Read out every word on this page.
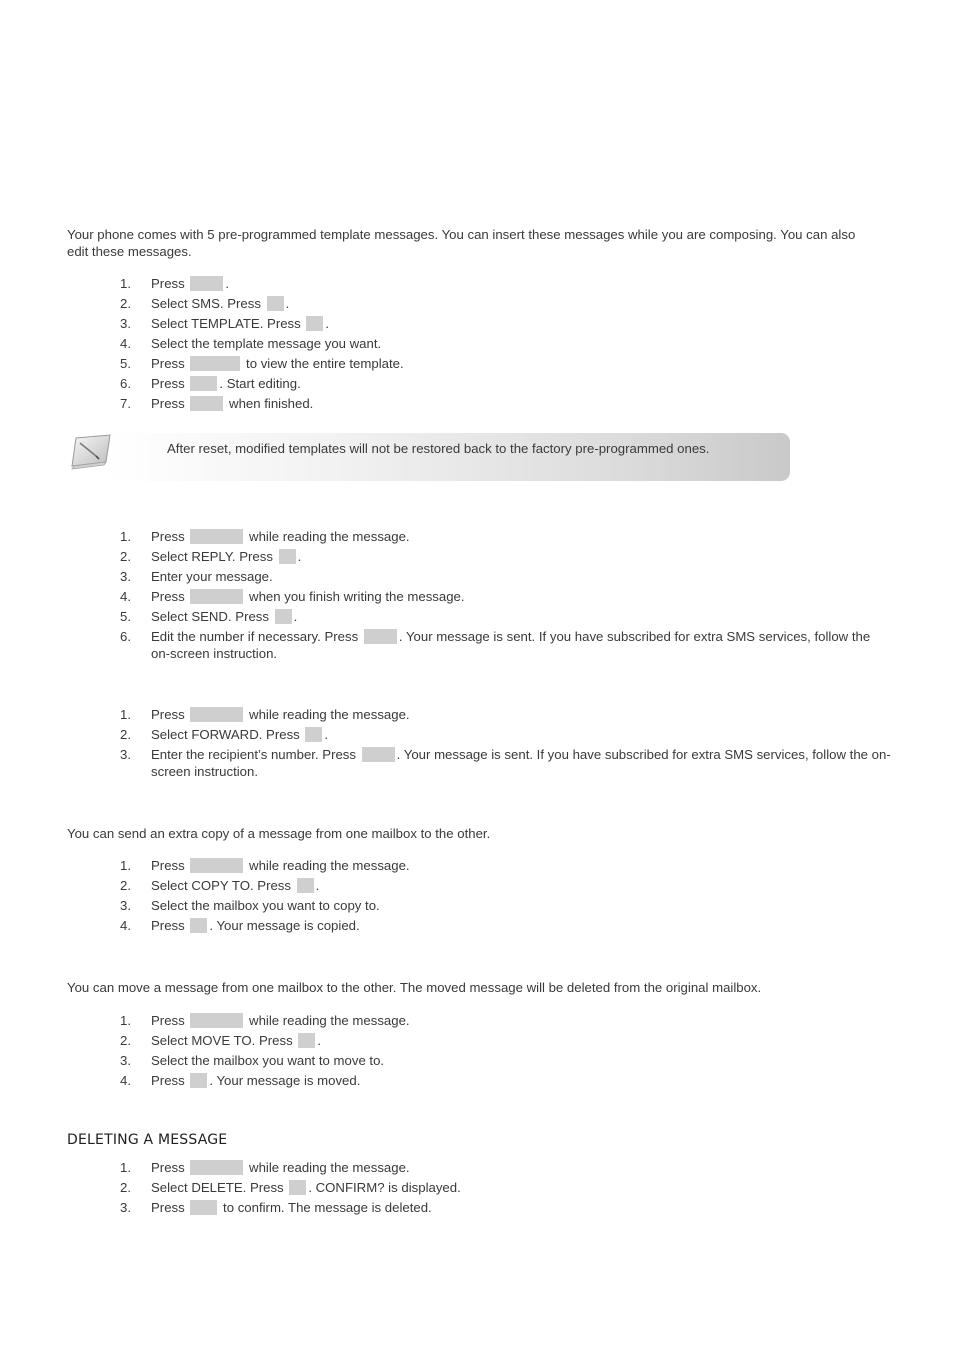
Your phone comes with 5 pre-programmed template messages. You can insert these messages while you are composing. You can also edit these messages.

1.	Press	.
2.	Select SMS. Press .
3.	Select TEMPLATE. Press .
4.	Select the template message you want.
5.	Press	to view the entire template.
6.	Press . Start editing.
7.	Press	when finished.
After reset, modified templates will not be restored back to the factory pre-programmed ones.
1.	Press	while reading the message.
2.	Select REPLY. Press .
3.	Enter your message.
4.	Press	when you finish writing the message.
5.	Select SEND. Press .
6.	Edit the number if necessary. Press	. Your message is sent. If you have subscribed for extra SMS services, follow the on-screen instruction.
1.	Press	while reading the message.
2.	Select FORWARD. Press .
3.	Enter the recipient’s number. Press	. Your message is sent. If you have subscribed for extra SMS services, follow the on-screen instruction.

You can send an extra copy of a message from one mailbox to the other.

1.	Press	while reading the message.
2.	Select COPY TO. Press .
3.	Select the mailbox you want to copy to.
4.	Press . Your message is copied.

You can move a message from one mailbox to the other. The moved message will be deleted from the original mailbox.

1.	Press	while reading the message.
2.	Select MOVE TO. Press .
3.	Select the mailbox you want to move to.
4.	Press . Your message is moved.
DELETING A MESSAGE
1.	Press	while reading the message.
2.	Select DELETE. Press . CONFIRM? is displayed.
3.	Press  to confirm. The message is deleted.
